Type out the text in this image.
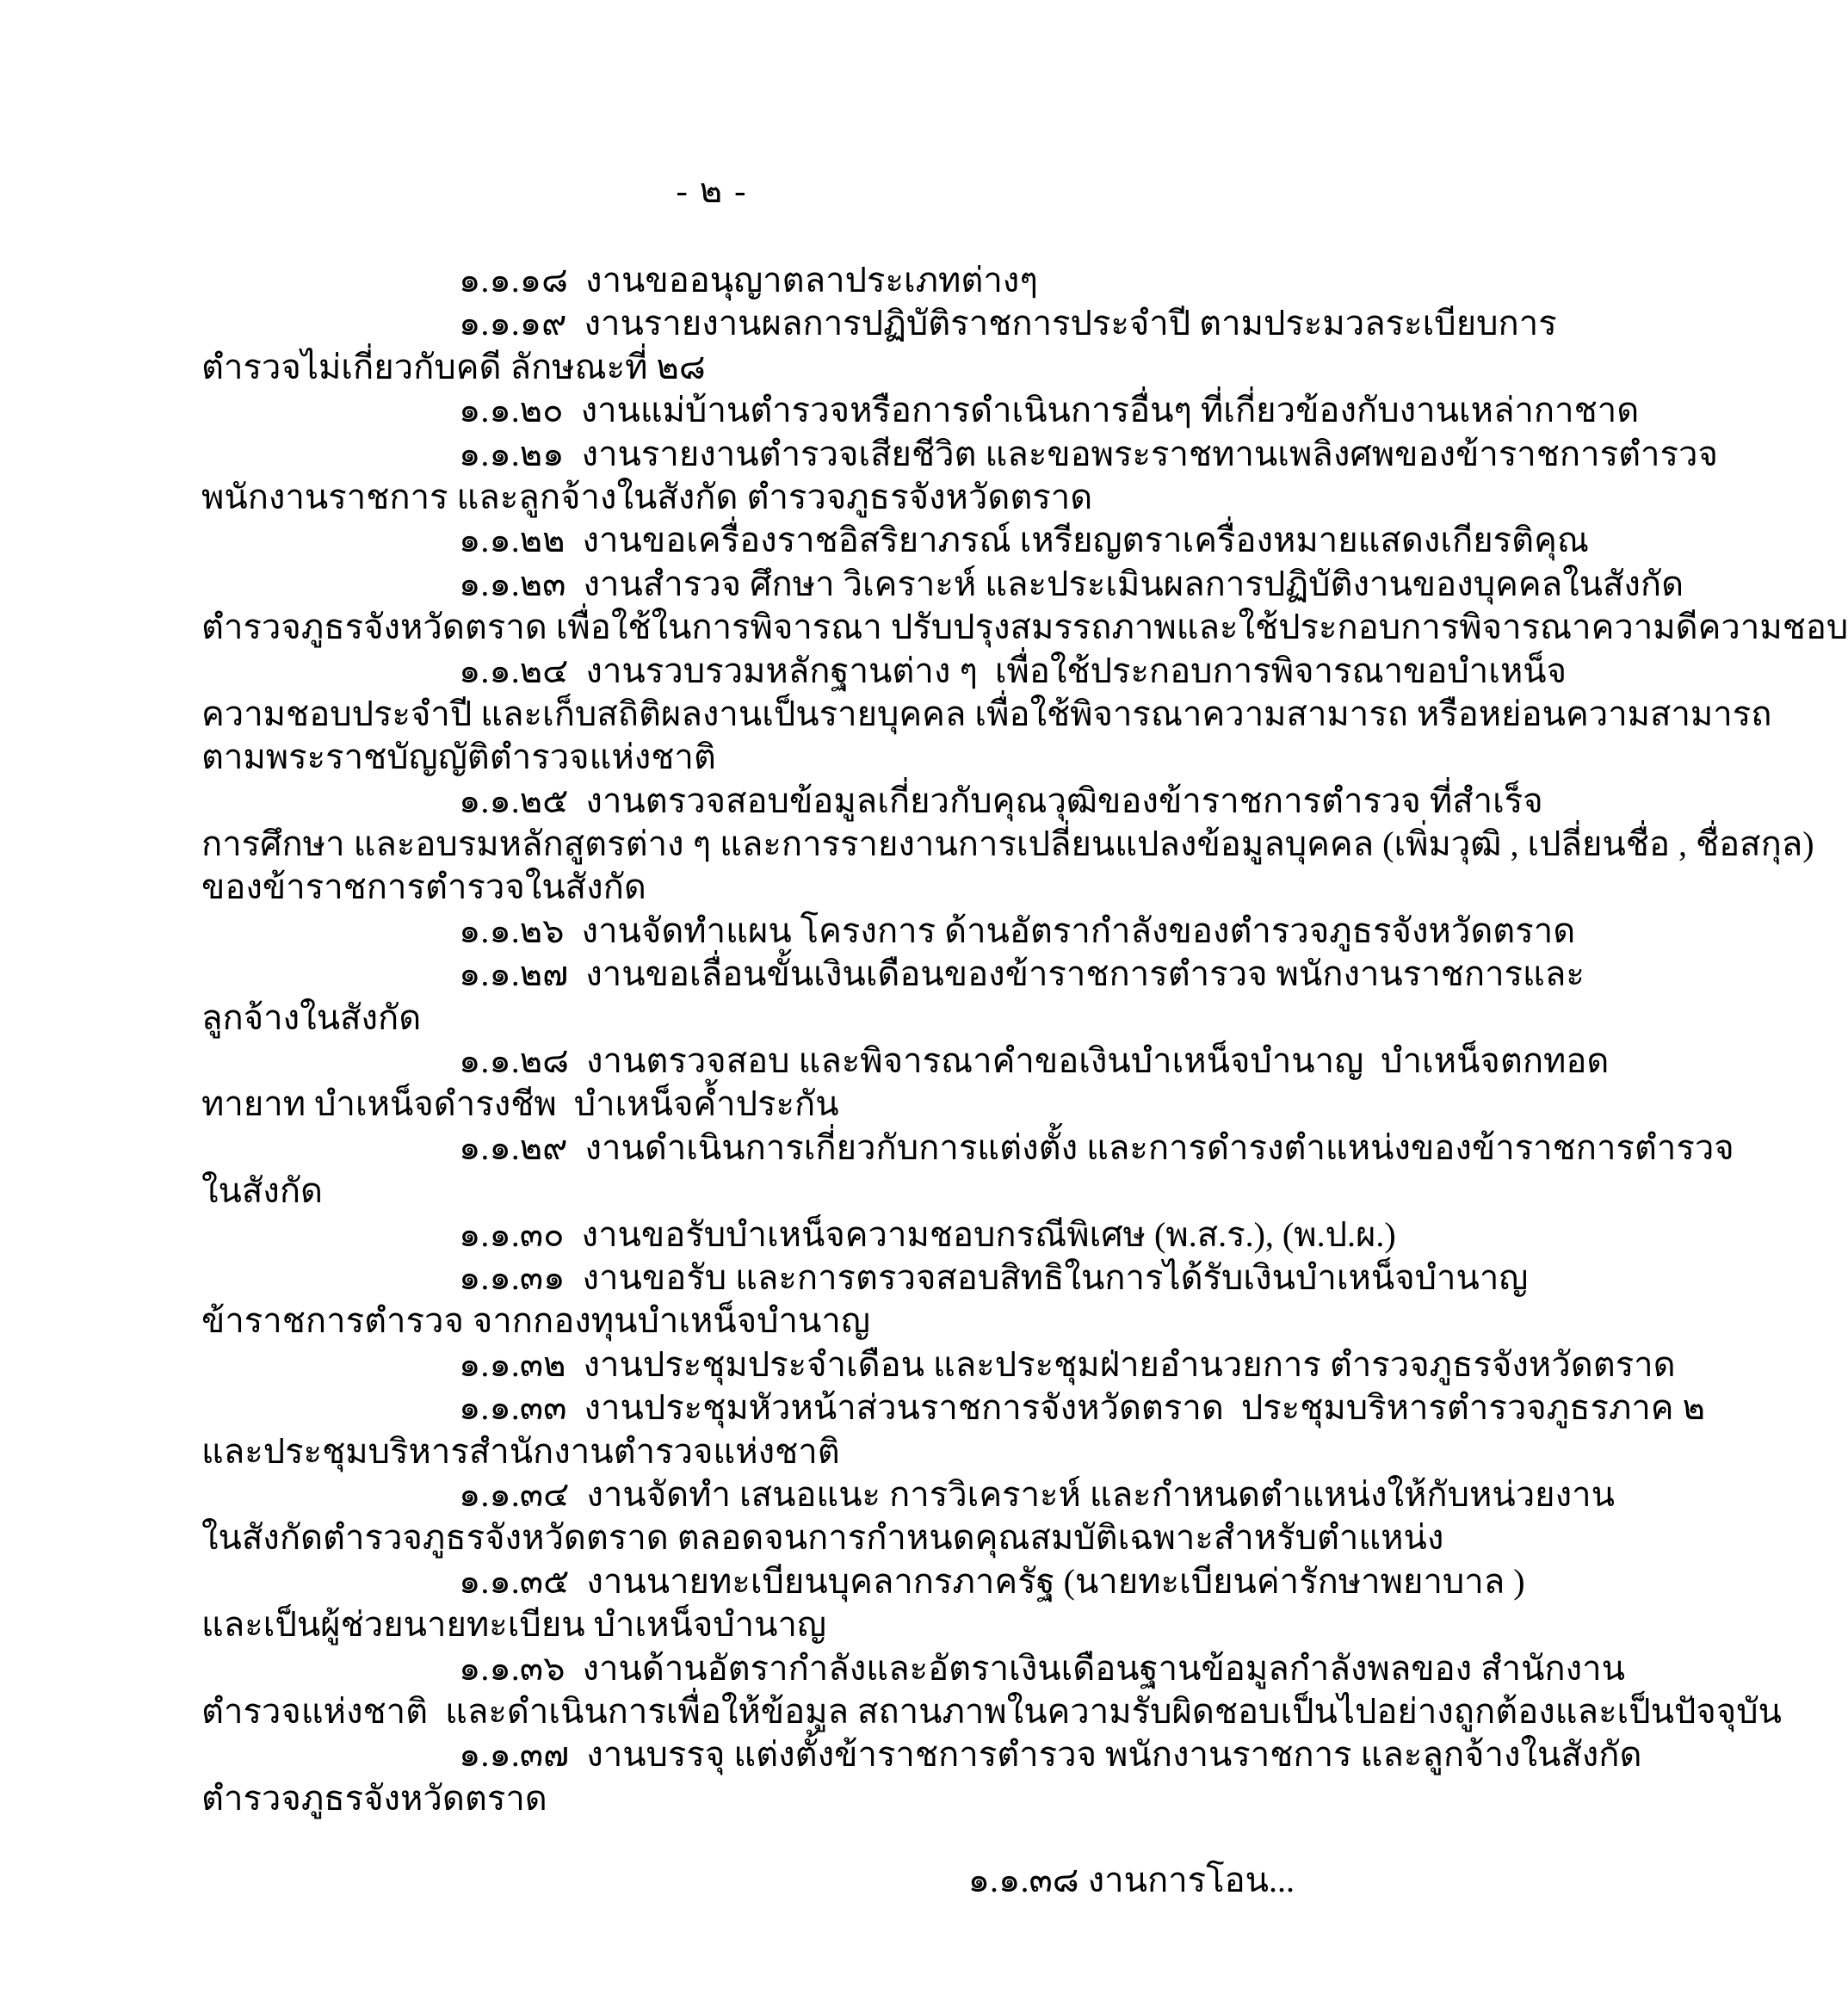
- ๒ -
๑.๑.๑๘  งานขออนุญาตลาประเภทต่างๆ
๑.๑.๑๙  งานรายงานผลการปฏิบัติราชการประจำปี ตามประมวลระเบียบการ
ตำรวจไม่เกี่ยวกับคดี ลักษณะที่ ๒๘
๑.๑.๒๐  งานแม่บ้านตำรวจหรือการดำเนินการอื่นๆ ที่เกี่ยวข้องกับงานเหล่ากาชาด
๑.๑.๒๑  งานรายงานตำรวจเสียชีวิต และขอพระราชทานเพลิงศพของข้าราชการตำรวจ
พนักงานราชการ และลูกจ้างในสังกัด ตำรวจภูธรจังหวัดตราด
๑.๑.๒๒  งานขอเครื่องราชอิสริยาภรณ์ เหรียญตราเครื่องหมายแสดงเกียรติคุณ
๑.๑.๒๓  งานสำรวจ ศึกษา วิเคราะห์ และประเมินผลการปฏิบัติงานของบุคคลในสังกัด
ตำรวจภูธรจังหวัดตราด เพื่อใช้ในการพิจารณา ปรับปรุงสมรรถภาพและใช้ประกอบการพิจารณาความดีความชอบ
๑.๑.๒๔  งานรวบรวมหลักฐานต่าง ๆ  เพื่อใช้ประกอบการพิจารณาขอบำเหน็จ
ความชอบประจำปี และเก็บสถิติผลงานเป็นรายบุคคล เพื่อใช้พิจารณาความสามารถ หรือหย่อนความสามารถ
ตามพระราชบัญญัติตำรวจแห่งชาติ
๑.๑.๒๕  งานตรวจสอบข้อมูลเกี่ยวกับคุณวุฒิของข้าราชการตำรวจ ที่สำเร็จ
การศึกษา และอบรมหลักสูตรต่าง ๆ และการรายงานการเปลี่ยนแปลงข้อมูลบุคคล (เพิ่มวุฒิ , เปลี่ยนชื่อ , ชื่อสกุล)
ของข้าราชการตำรวจในสังกัด
๑.๑.๒๖  งานจัดทำแผน โครงการ ด้านอัตรากำลังของตำรวจภูธรจังหวัดตราด
๑.๑.๒๗  งานขอเลื่อนขั้นเงินเดือนของข้าราชการตำรวจ พนักงานราชการและ
ลูกจ้างในสังกัด
๑.๑.๒๘  งานตรวจสอบ และพิจารณาคำขอเงินบำเหน็จบำนาญ  บำเหน็จตกทอด
ทายาท บำเหน็จดำรงชีพ  บำเหน็จค้ำประกัน
๑.๑.๒๙  งานดำเนินการเกี่ยวกับการแต่งตั้ง และการดำรงตำแหน่งของข้าราชการตำรวจ
ในสังกัด
๑.๑.๓๐  งานขอรับบำเหน็จความชอบกรณีพิเศษ (พ.ส.ร.), (พ.ป.ผ.)
๑.๑.๓๑  งานขอรับ และการตรวจสอบสิทธิในการได้รับเงินบำเหน็จบำนาญ
ข้าราชการตำรวจ จากกองทุนบำเหน็จบำนาญ
๑.๑.๓๒  งานประชุมประจำเดือน และประชุมฝ่ายอำนวยการ ตำรวจภูธรจังหวัดตราด
๑.๑.๓๓  งานประชุมหัวหน้าส่วนราชการจังหวัดตราด  ประชุมบริหารตำรวจภูธรภาค ๒
และประชุมบริหารสำนักงานตำรวจแห่งชาติ
๑.๑.๓๔  งานจัดทำ เสนอแนะ การวิเคราะห์ และกำหนดตำแหน่งให้กับหน่วยงาน
ในสังกัดตำรวจภูธรจังหวัดตราด ตลอดจนการกำหนดคุณสมบัติเฉพาะสำหรับตำแหน่ง
๑.๑.๓๕  งานนายทะเบียนบุคลากรภาครัฐ (นายทะเบียนค่ารักษาพยาบาล )
และเป็นผู้ช่วยนายทะเบียน บำเหน็จบำนาญ
๑.๑.๓๖  งานด้านอัตรากำลังและอัตราเงินเดือนฐานข้อมูลกำลังพลของ สำนักงาน
ตำรวจแห่งชาติ  และดำเนินการเพื่อให้ข้อมูล สถานภาพในความรับผิดชอบเป็นไปอย่างถูกต้องและเป็นปัจจุบัน
๑.๑.๓๗  งานบรรจุ แต่งตั้งข้าราชการตำรวจ พนักงานราชการ และลูกจ้างในสังกัด
ตำรวจภูธรจังหวัดตราด
๑.๑.๓๘ งานการโอน...
